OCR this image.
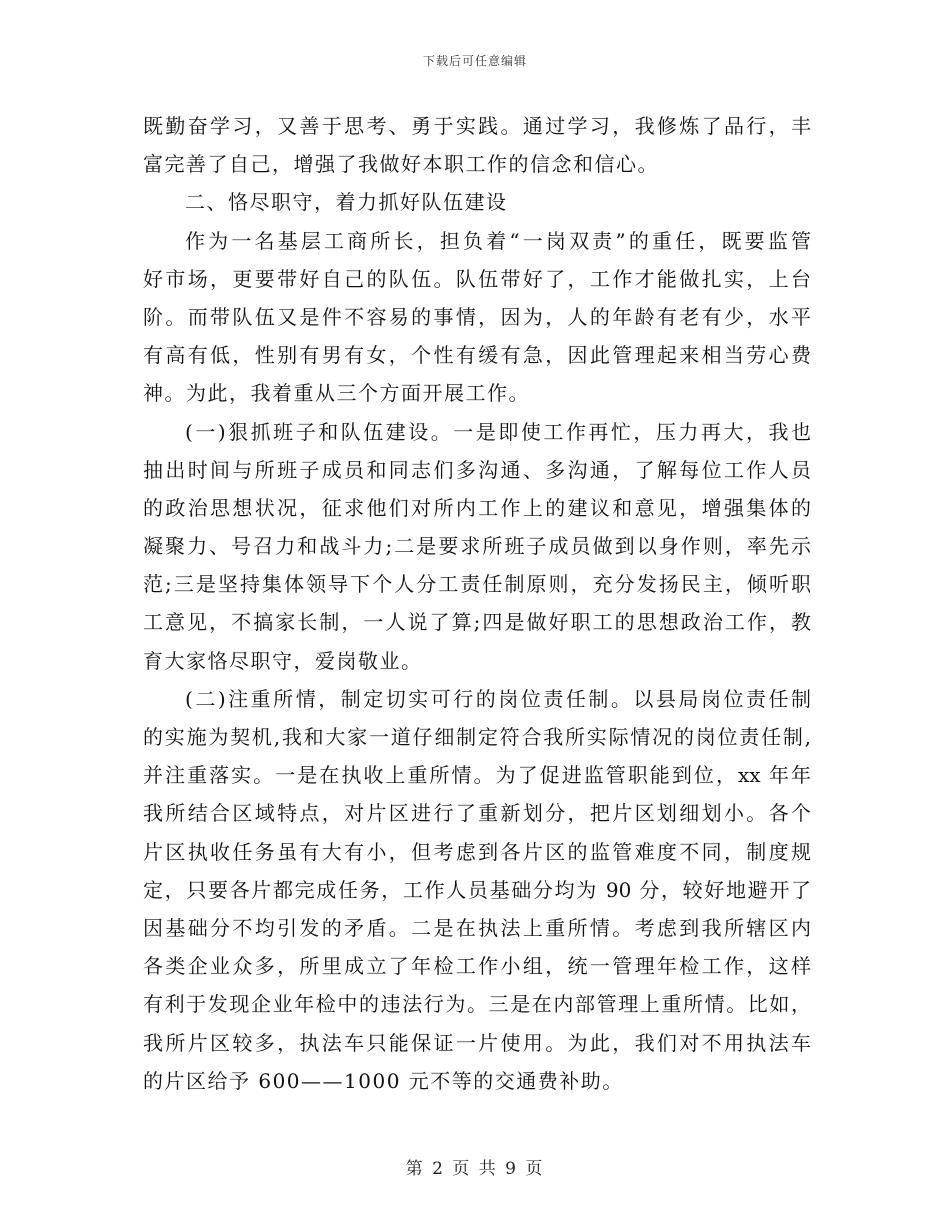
下载后可任意编辑
既勤奋学习，又善于思考、勇于实践。通过学习，我修炼了品行，丰
富完善了自己，增强了我做好本职工作的信念和信心。
二、恪尽职守，着力抓好队伍建设
作为一名基层工商所长，担负着“一岗双责”的重任，既要监管
好市场，更要带好自己的队伍。队伍带好了，工作才能做扎实，上台
阶。而带队伍又是件不容易的事情，因为，人的年龄有老有少，水平
有高有低，性别有男有女，个性有缓有急，因此管理起来相当劳心费
神。为此，我着重从三个方面开展工作。
(一)狠抓班子和队伍建设。一是即使工作再忙，压力再大，我也
抽出时间与所班子成员和同志们多沟通、多沟通，了解每位工作人员
的政治思想状况，征求他们对所内工作上的建议和意见，增强集体的
凝聚力、号召力和战斗力;二是要求所班子成员做到以身作则，率先示
范;三是坚持集体领导下个人分工责任制原则，充分发扬民主，倾听职
工意见，不搞家长制，一人说了算;四是做好职工的思想政治工作，教
育大家恪尽职守，爱岗敬业。
(二)注重所情，制定切实可行的岗位责任制。以县局岗位责任制
的实施为契机,我和大家一道仔细制定符合我所实际情况的岗位责任制,
并注重落实。一是在执收上重所情。为了促进监管职能到位，xx 年年
我所结合区域特点，对片区进行了重新划分，把片区划细划小。各个
片区执收任务虽有大有小，但考虑到各片区的监管难度不同，制度规
定，只要各片都完成任务，工作人员基础分均为 90 分，较好地避开了
因基础分不均引发的矛盾。二是在执法上重所情。考虑到我所辖区内
各类企业众多，所里成立了年检工作小组，统一管理年检工作，这样
有利于发现企业年检中的违法行为。三是在内部管理上重所情。比如，
我所片区较多，执法车只能保证一片使用。为此，我们对不用执法车
的片区给予 600——1000 元不等的交通费补助。
第 2 页 共 9 页
